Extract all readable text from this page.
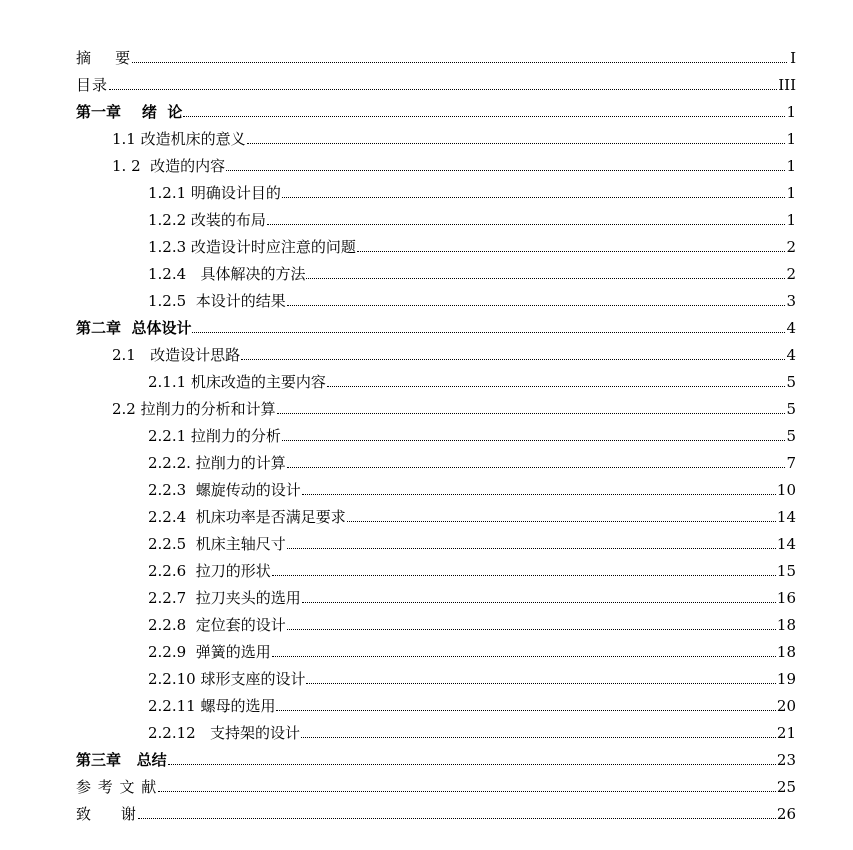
摘    要	I
目录	III
第一章    绪  论	1
1.1 改造机床的意义	1
1. 2  改造的内容	1
1.2.1 明确设计目的	1
1.2.2 改装的布局	1
1.2.3 改造设计时应注意的问题	2
1.2.4   具体解决的方法	2
1.2.5  本设计的结果	3
第二章  总体设计	4
2.1   改造设计思路	4
2.1.1 机床改造的主要内容	5
2.2 拉削力的分析和计算	5
2.2.1 拉削力的分析	5
2.2.2. 拉削力的计算	7
2.2.3  螺旋传动的设计	10
2.2.4  机床功率是否满足要求	14
2.2.5  机床主轴尺寸	14
2.2.6  拉刀的形状	15
2.2.7  拉刀夹头的选用	16
2.2.8  定位套的设计	18
2.2.9  弹簧的选用	18
2.2.10 球形支座的设计	19
2.2.11 螺母的选用	20
2.2.12   支持架的设计	21
第三章   总结	23
参 考 文 献	25
致     谢	26
